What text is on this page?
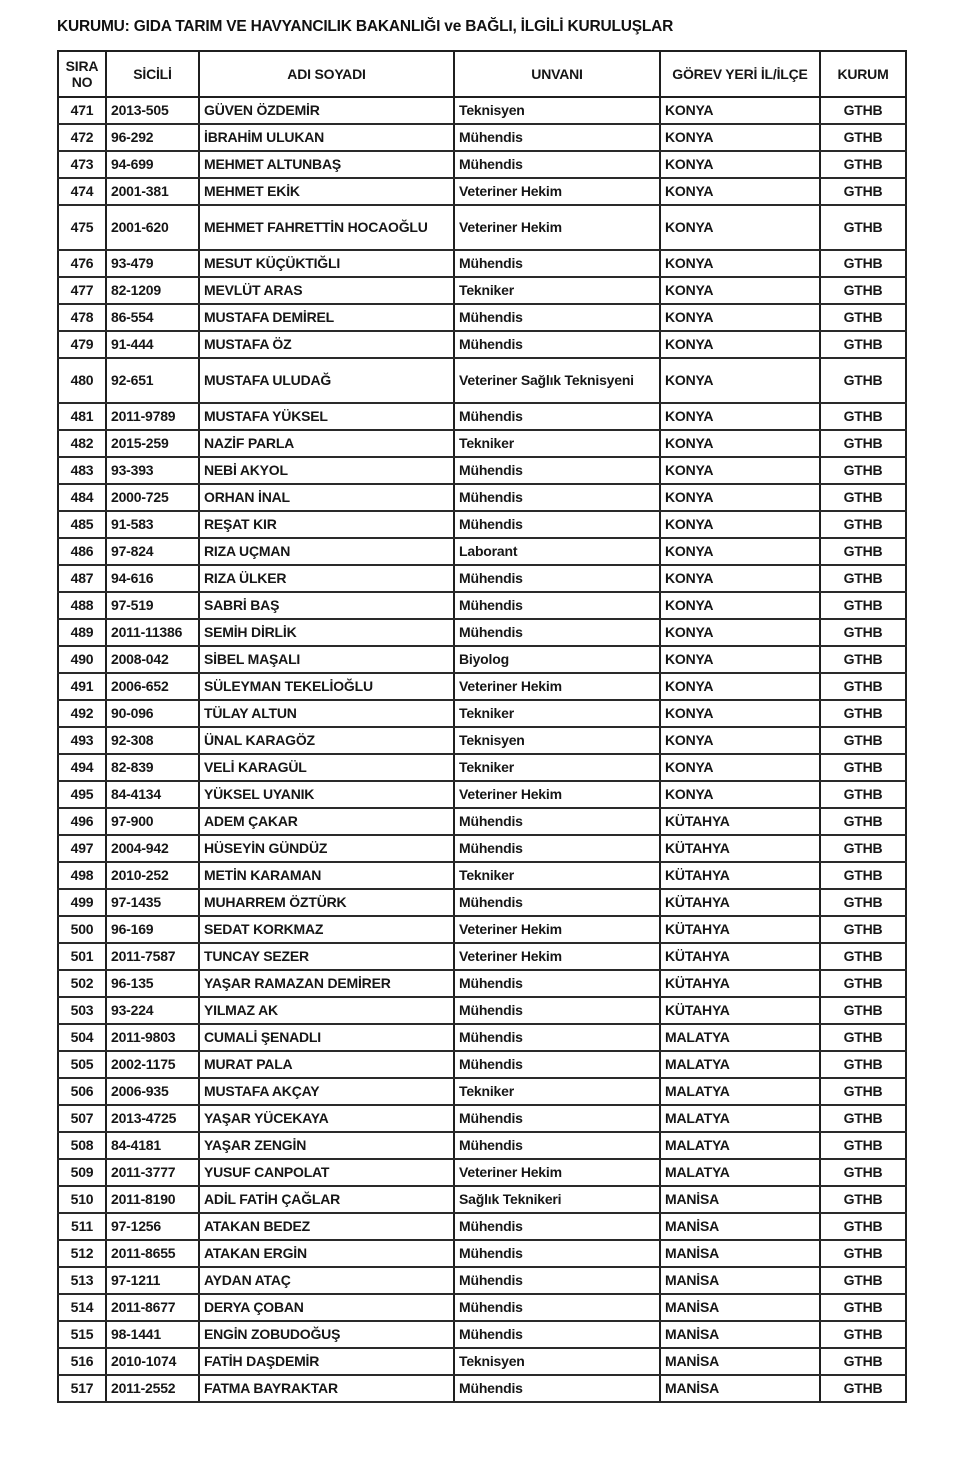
KURUMU: GIDA TARIM VE HAVYANCILIK BAKANLIĞI ve BAĞLI, İLGİLİ KURULUŞLAR
SIRA NO	SİCİLİ	ADI SOYADI	UNVANI	GÖREV YERİ İL/İLÇE	KURUM
471	2013-505	GÜVEN ÖZDEMİR	Teknisyen	KONYA	GTHB
472	96-292	İBRAHİM ULUKAN	Mühendis	KONYA	GTHB
473	94-699	MEHMET ALTUNBAŞ	Mühendis	KONYA	GTHB
474	2001-381	MEHMET EKİK	Veteriner Hekim	KONYA	GTHB
475	2001-620	MEHMET FAHRETTİN HOCAOĞLU	Veteriner Hekim	KONYA	GTHB
476	93-479	MESUT KÜÇÜKTIĞLI	Mühendis	KONYA	GTHB
477	82-1209	MEVLÜT ARAS	Tekniker	KONYA	GTHB
478	86-554	MUSTAFA DEMİREL	Mühendis	KONYA	GTHB
479	91-444	MUSTAFA ÖZ	Mühendis	KONYA	GTHB
480	92-651	MUSTAFA ULUDAĞ	Veteriner Sağlık Teknisyeni	KONYA	GTHB
481	2011-9789	MUSTAFA YÜKSEL	Mühendis	KONYA	GTHB
482	2015-259	NAZİF PARLA	Tekniker	KONYA	GTHB
483	93-393	NEBİ AKYOL	Mühendis	KONYA	GTHB
484	2000-725	ORHAN İNAL	Mühendis	KONYA	GTHB
485	91-583	REŞAT KIR	Mühendis	KONYA	GTHB
486	97-824	RIZA UÇMAN	Laborant	KONYA	GTHB
487	94-616	RIZA ÜLKER	Mühendis	KONYA	GTHB
488	97-519	SABRİ BAŞ	Mühendis	KONYA	GTHB
489	2011-11386	SEMİH DİRLİK	Mühendis	KONYA	GTHB
490	2008-042	SİBEL MAŞALI	Biyolog	KONYA	GTHB
491	2006-652	SÜLEYMAN TEKELİOĞLU	Veteriner Hekim	KONYA	GTHB
492	90-096	TÜLAY ALTUN	Tekniker	KONYA	GTHB
493	92-308	ÜNAL KARAGÖZ	Teknisyen	KONYA	GTHB
494	82-839	VELİ KARAGÜL	Tekniker	KONYA	GTHB
495	84-4134	YÜKSEL UYANIK	Veteriner Hekim	KONYA	GTHB
496	97-900	ADEM ÇAKAR	Mühendis	KÜTAHYA	GTHB
497	2004-942	HÜSEYİN GÜNDÜZ	Mühendis	KÜTAHYA	GTHB
498	2010-252	METİN KARAMAN	Tekniker	KÜTAHYA	GTHB
499	97-1435	MUHARREM ÖZTÜRK	Mühendis	KÜTAHYA	GTHB
500	96-169	SEDAT KORKMAZ	Veteriner Hekim	KÜTAHYA	GTHB
501	2011-7587	TUNCAY SEZER	Veteriner Hekim	KÜTAHYA	GTHB
502	96-135	YAŞAR RAMAZAN DEMİRER	Mühendis	KÜTAHYA	GTHB
503	93-224	YILMAZ AK	Mühendis	KÜTAHYA	GTHB
504	2011-9803	CUMALİ ŞENADLI	Mühendis	MALATYA	GTHB
505	2002-1175	MURAT PALA	Mühendis	MALATYA	GTHB
506	2006-935	MUSTAFA AKÇAY	Tekniker	MALATYA	GTHB
507	2013-4725	YAŞAR YÜCEKAYA	Mühendis	MALATYA	GTHB
508	84-4181	YAŞAR ZENGİN	Mühendis	MALATYA	GTHB
509	2011-3777	YUSUF CANPOLAT	Veteriner Hekim	MALATYA	GTHB
510	2011-8190	ADİL FATİH ÇAĞLAR	Sağlık Teknikeri	MANİSA	GTHB
511	97-1256	ATAKAN BEDEZ	Mühendis	MANİSA	GTHB
512	2011-8655	ATAKAN ERGİN	Mühendis	MANİSA	GTHB
513	97-1211	AYDAN ATAÇ	Mühendis	MANİSA	GTHB
514	2011-8677	DERYA ÇOBAN	Mühendis	MANİSA	GTHB
515	98-1441	ENGİN ZOBUDOĞUŞ	Mühendis	MANİSA	GTHB
516	2010-1074	FATİH DAŞDEMİR	Teknisyen	MANİSA	GTHB
517	2011-2552	FATMA BAYRAKTAR	Mühendis	MANİSA	GTHB
